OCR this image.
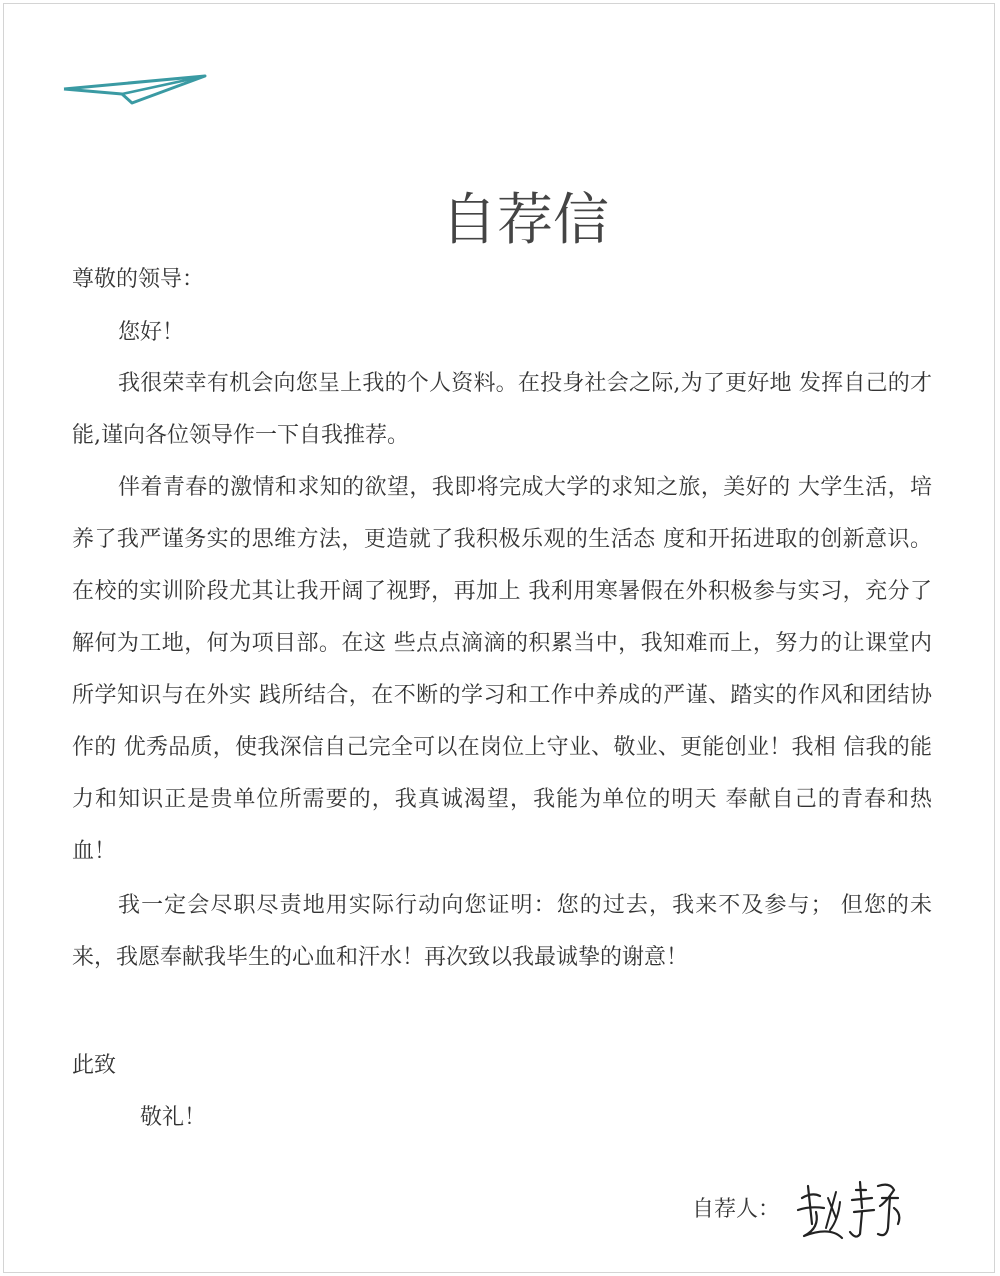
自荐信
尊敬的领导：
您好！

我很荣幸有机会向您呈上我的个人资料。在投身社会之际,为了更好地 发挥自己的才能,谨向各位领导作一下自我推荐。

伴着青春的激情和求知的欲望，我即将完成大学的求知之旅，美好的 大学生活，培养了我严谨务实的思维方法，更造就了我积极乐观的生活态 度和开拓进取的创新意识。在校的实训阶段尤其让我开阔了视野，再加上 我利用寒暑假在外积极参与实习，充分了解何为工地，何为项目部。在这 些点点滴滴的积累当中，我知难而上，努力的让课堂内所学知识与在外实 践所结合，在不断的学习和工作中养成的严谨、踏实的作风和团结协作的 优秀品质，使我深信自己完全可以在岗位上守业、敬业、更能创业！我相 信我的能力和知识正是贵单位所需要的，我真诚渴望，我能为单位的明天 奉献自己的青春和热血！

我一定会尽职尽责地用实际行动向您证明：您的过去，我来不及参与； 但您的未来，我愿奉献我毕生的心血和汗水！再次致以我最诚挚的谢意！

此致
敬礼！
自荐人：
